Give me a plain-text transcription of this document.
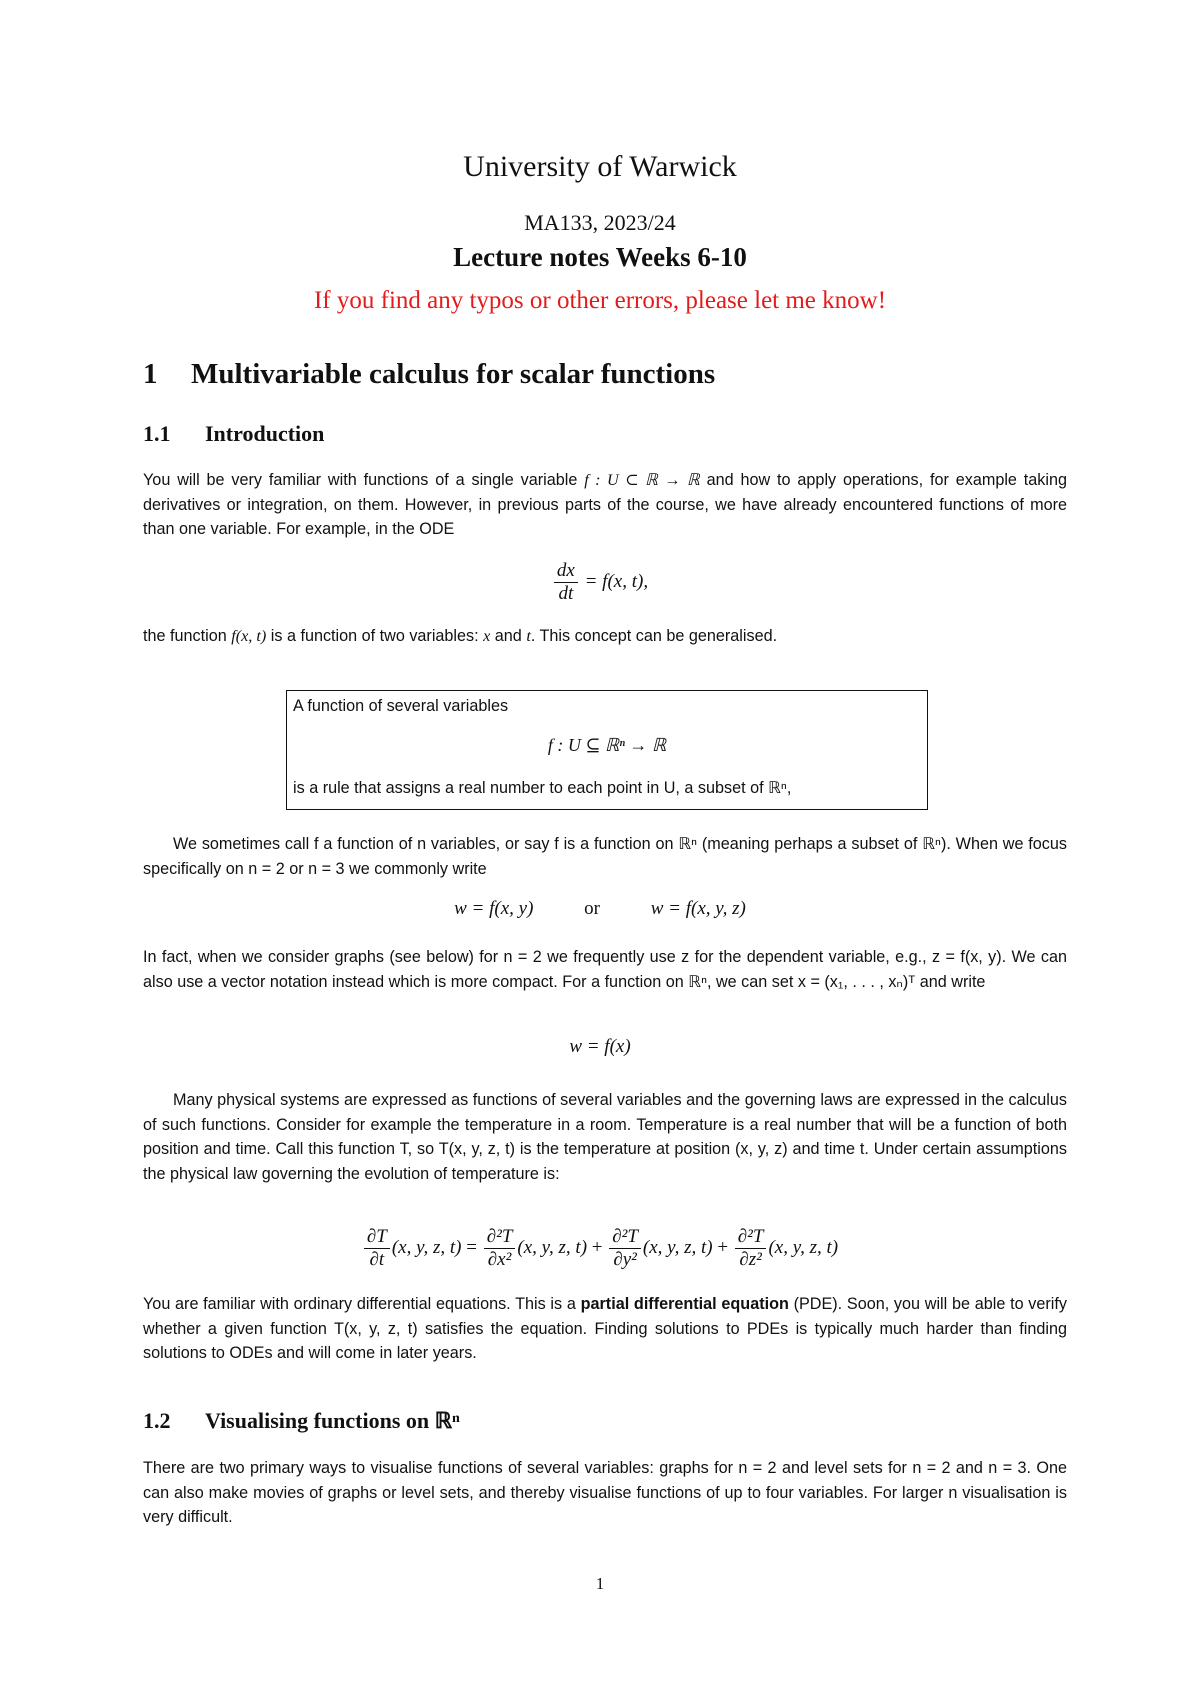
University of Warwick
MA133, 2023/24
Lecture notes Weeks 6-10
If you find any typos or other errors, please let me know!
1 Multivariable calculus for scalar functions
1.1 Introduction
You will be very familiar with functions of a single variable f : U ⊂ ℝ → ℝ and how to apply operations, for example taking derivatives or integration, on them. However, in previous parts of the course, we have already encountered functions of more than one variable. For example, in the ODE
$\frac{dx}{dt} = f(x$, t),
the function f(x, t) is a function of two variables: x and t. This concept can be generalised.
A function of several variables
f : U ⊆ ℝⁿ → ℝ
is a rule that assigns a real number to each point in U, a subset of ℝⁿ,
We sometimes call f a function of n variables, or say f is a function on ℝⁿ (meaning perhaps a subset of ℝⁿ). When we focus specifically on n = 2 or n = 3 we commonly write
w = f(x, y)	or	w = f(x, y, z)
In fact, when we consider graphs (see below) for n = 2 we frequently use z for the dependent variable, e.g., z = f(x, y). We can also use a vector notation instead which is more compact. For a function on ℝⁿ, we can set x = (x₁, . . . , xₙ)ᵀ and write
w = f(x)
Many physical systems are expressed as functions of several variables and the governing laws are expressed in the calculus of such functions. Consider for example the temperature in a room. Temperature is a real number that will be a function of both position and time. Call this function T, so T(x, y, z, t) is the temperature at position (x, y, z) and time t. Under certain assumptions the physical law governing the evolution of temperature is:
$\frac{\partial T}{\partial t} (x$, y, z, $t) = \frac{\text{∂²T}}{\text{∂x²}} (x$, y, z, $t) + \frac{\text{∂²T}}{\text{∂y²}} (x$, y, z, $t) + \frac{\text{∂²T}}{\text{∂z²}} (x$, y, z, t)
You are familiar with ordinary differential equations. This is a partial differential equation (PDE). Soon, you will be able to verify whether a given function T(x, y, z, t) satisfies the equation. Finding solutions to PDEs is typically much harder than finding solutions to ODEs and will come in later years.
1.2 Visualising functions on ℝⁿ
There are two primary ways to visualise functions of several variables: graphs for n = 2 and level sets for n = 2 and n = 3. One can also make movies of graphs or level sets, and thereby visualise functions of up to four variables. For larger n visualisation is very difficult.
1
